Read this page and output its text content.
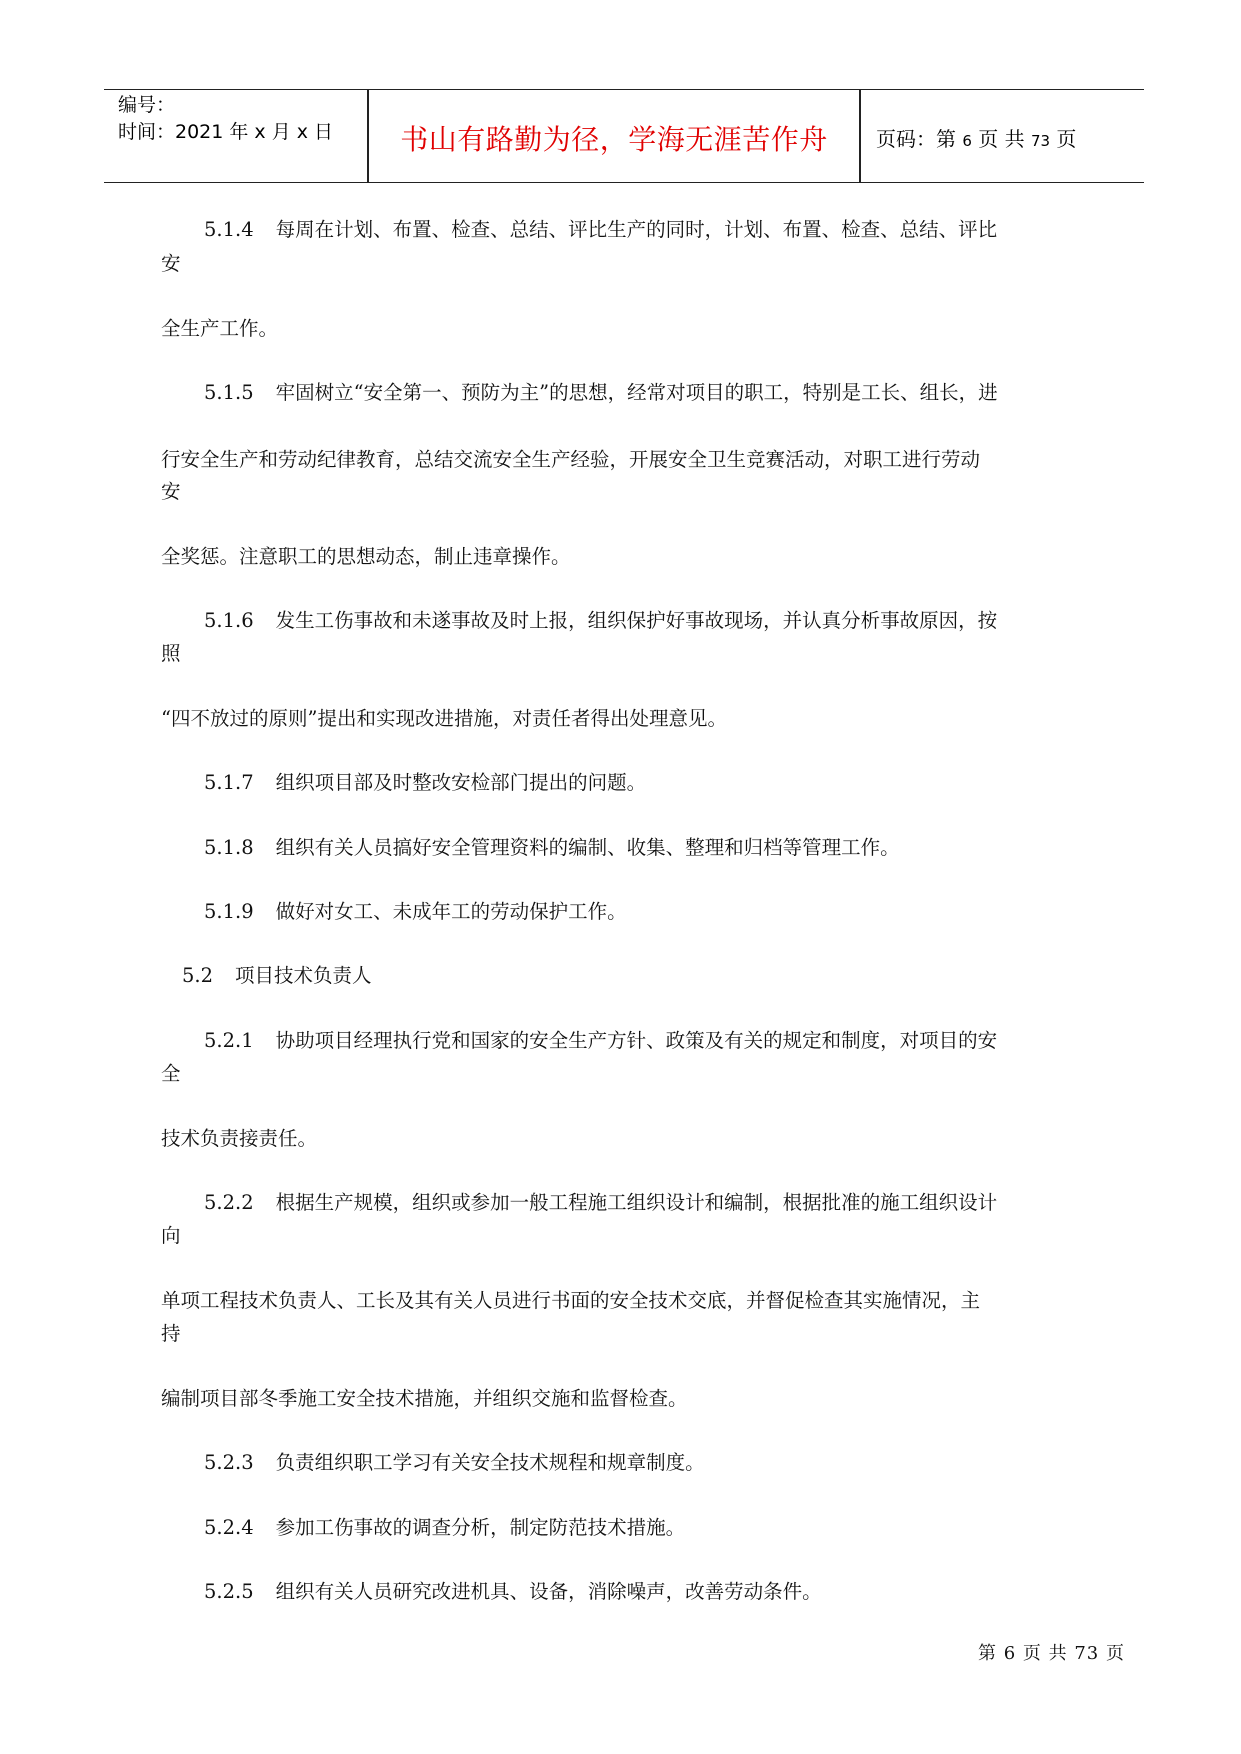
编号：
时间：2021 年 x 月 x 日	书山有路勤为径，学海无涯苦作舟	页码：第 6 页 共 73 页
5.1.4 每周在计划、布置、检查、总结、评比生产的同时，计划、布置、检查、总结、评比
安
全生产工作。
5.1.5 牢固树立“安全第一、预防为主”的思想，经常对项目的职工，特别是工长、组长，进
行安全生产和劳动纪律教育，总结交流安全生产经验，开展安全卫生竞赛活动，对职工进行劳动
安
全奖惩。注意职工的思想动态，制止违章操作。
5.1.6 发生工伤事故和未遂事故及时上报，组织保护好事故现场，并认真分析事故原因，按
照
“四不放过的原则”提出和实现改进措施，对责任者得出处理意见。
5.1.7 组织项目部及时整改安检部门提出的问题。
5.1.8 组织有关人员搞好安全管理资料的编制、收集、整理和归档等管理工作。
5.1.9 做好对女工、未成年工的劳动保护工作。
5.2 项目技术负责人
5.2.1 协助项目经理执行党和国家的安全生产方针、政策及有关的规定和制度，对项目的安
全
技术负责接责任。
5.2.2 根据生产规模，组织或参加一般工程施工组织设计和编制，根据批准的施工组织设计
向
单项工程技术负责人、工长及其有关人员进行书面的安全技术交底，并督促检查其实施情况，主
持
编制项目部冬季施工安全技术措施，并组织交施和监督检查。
5.2.3 负责组织职工学习有关安全技术规程和规章制度。
5.2.4 参加工伤事故的调查分析，制定防范技术措施。
5.2.5 组织有关人员研究改进机具、设备，消除噪声，改善劳动条件。
第 6 页 共 73 页
